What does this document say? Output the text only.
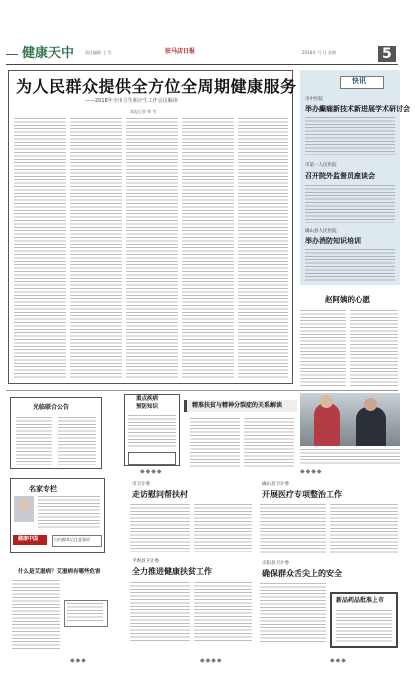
健康天中	责任编辑 王 雪	驻马店日报	2018年 月 日 星期	5
为人民群众提供全方位全周期健康服务
——2018年全市卫生和计生工作会议解读
本报记者 韩 雪
快讯
市中医院
举办癫痫新技术新进展学术研讨会
市第一人民医院
召开院外监督员座谈会
确山县人民医院
举办消防知识培训
赵阿姨的心愿
光临联合公告
重点疾病
预防知识	精准扶贫与精神分裂症的关系解读
◆◆◆◆	◆◆◆◆
名家专栏
健康中国	白内障术后注意事项
什么是艾滋病？艾滋病有哪些危害
市卫计委
走访慰问帮扶村
平舆县卫计委
全力推进健康扶贫工作
确山县卫计委
开展医疗专项整治工作
正阳县卫计委
确保群众舌尖上的安全
新品药品批准上市
◆◆◆	◆◆◆◆	◆◆◆
